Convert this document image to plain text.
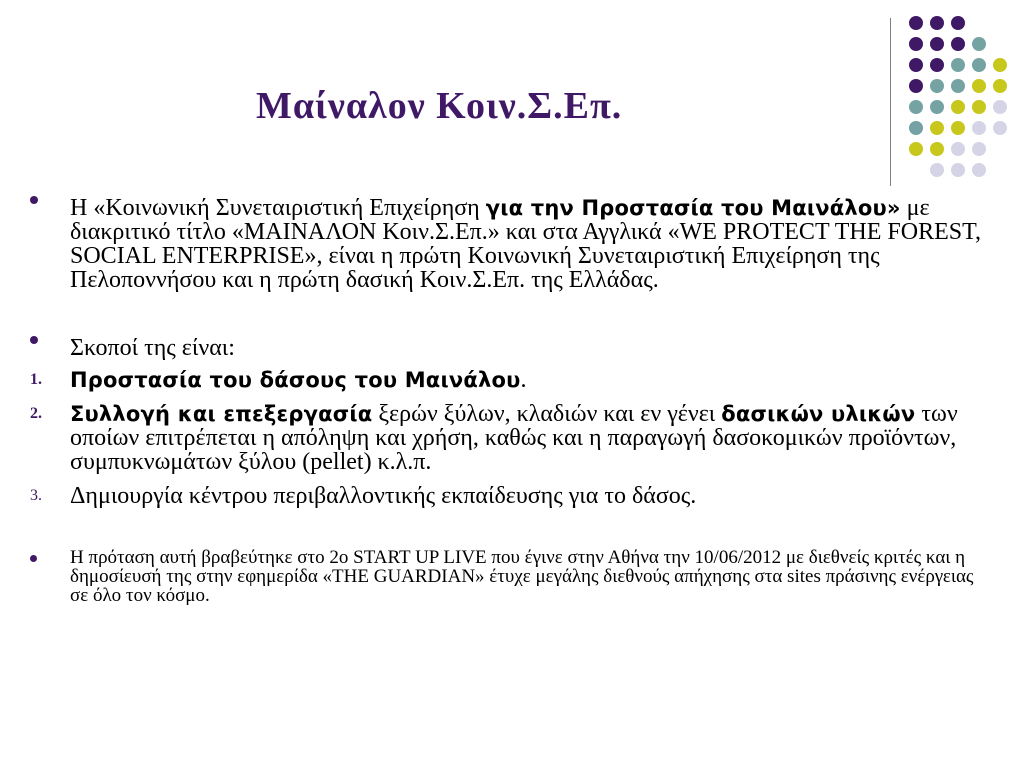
Μαίναλον Κοιν.Σ.Επ.

Η «Κοινωνική Συνεταιριστική Επιχείρηση για την Προστασία του Μαινάλου» με διακριτικό τίτλο «ΜΑΙΝΑΛΟΝ Κοιν.Σ.Επ.» και στα Αγγλικά «WE PROTECT THE FOREST, SOCIAL ENTERPRISE», είναι η πρώτη Κοινωνική Συνεταιριστική Επιχείρηση της Πελοποννήσου και η πρώτη δασική Κοιν.Σ.Επ. της Ελλάδας.

Σκοποί της είναι:

1. Προστασία του δάσους του Μαινάλου.

2. Συλλογή και επεξεργασία ξερών ξύλων, κλαδιών και εν γένει δασικών υλικών των οποίων επιτρέπεται η απόληψη και χρήση, καθώς και η παραγωγή δασοκομικών προϊόντων, συμπυκνωμάτων ξύλου (pellet) κ.λ.π.

3. Δημιουργία κέντρου περιβαλλοντικής εκπαίδευσης για το δάσος.

Η πρόταση αυτή βραβεύτηκε στο 2ο START UP LIVE που έγινε στην Αθήνα την 10/06/2012 με διεθνείς κριτές και η δημοσίευσή της στην εφημερίδα «THE GUARDIAN» έτυχε μεγάλης διεθνούς απήχησης στα sites πράσινης ενέργειας σε όλο τον κόσμο.
